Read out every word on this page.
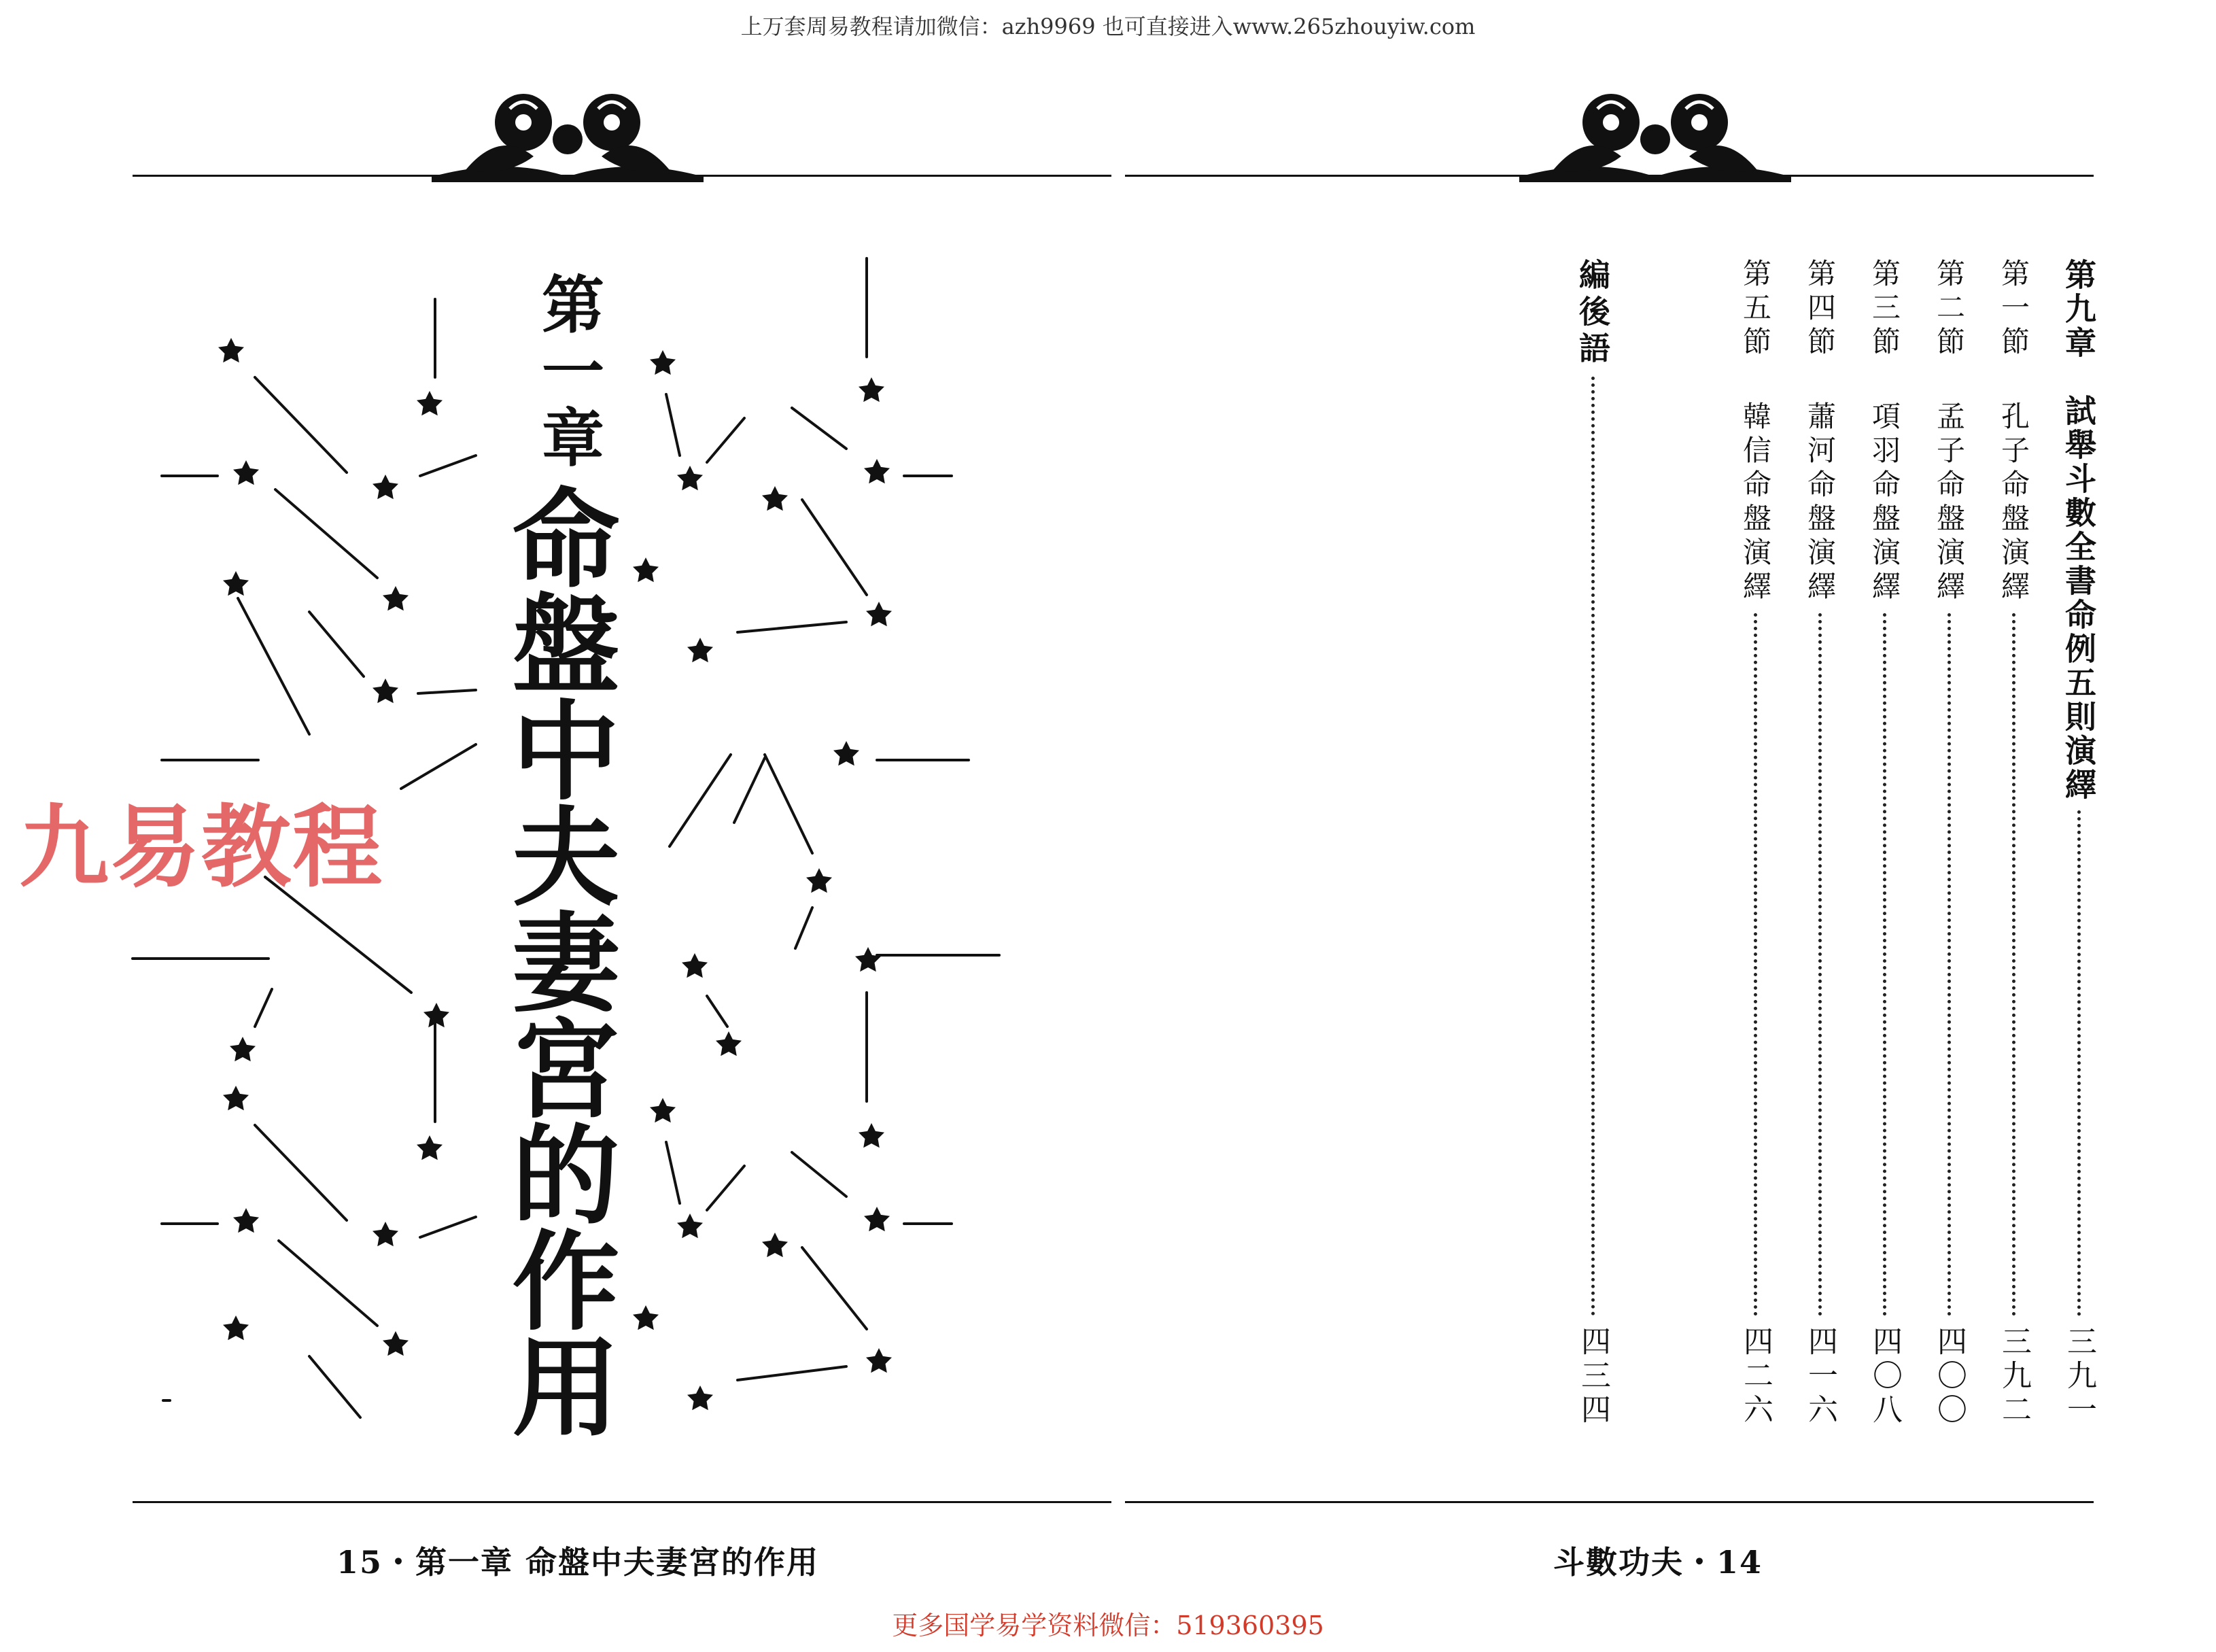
上万套周易教程请加微信：azh9969 也可直接进入www.265zhouyiw.com
更多国学易学资料微信：519360395
第一章
命盤中夫妻宮的作用
九易教程
第九章　試舉斗數全書命例五則演繹
三九一
第一節孔子命盤演繹
三九二
第二節孟子命盤演繹
四〇〇
第三節項羽命盤演繹
四〇八
第四節蕭河命盤演繹
四一六
第五節韓信命盤演繹
四二六
編後語
四三四
15・第一章 命盤中夫妻宮的作用	斗數功夫・14
